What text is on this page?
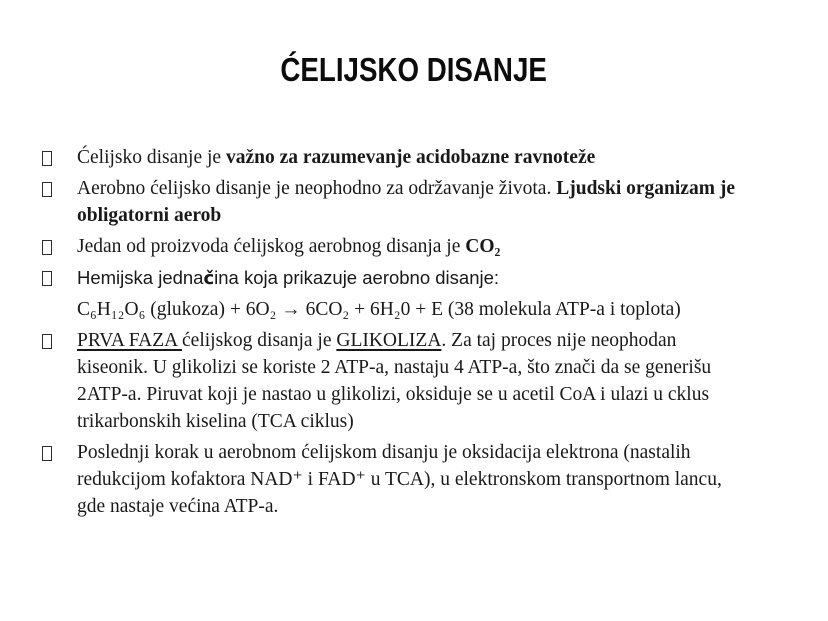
ĆELIJSKO DISANJE
Ćelijsko disanje je važno za razumevanje acidobazne ravnoteže
Aerobno ćelijsko disanje je neophodno za održavanje života. Ljudski organizam je
obligatorni aerob
Jedan od proizvoda ćelijskog aerobnog disanja je CO₂
Hemijska jednačina koja prikazuje aerobno disanje:
C₆H₁₂O₆ (glukoza) + 6O₂ → 6CO₂ + 6H₂0 + E (38 molekula ATP-a i toplota)
PRVA FAZA ćelijskog disanja je GLIKOLIZA. Za taj proces nije neophodan
kiseonik. U glikolizi se koriste 2 ATP-a, nastaju 4 ATP-a, što znači da se generišu
2ATP-a. Piruvat koji je nastao u glikolizi, oksiduje se u acetil CoA i ulazi u cklus
trikarbonskih kiselina (TCA ciklus)
Poslednji korak u aerobnom ćelijskom disanju je oksidacija elektrona (nastalih
redukcijom kofaktora NAD⁺ i FAD⁺ u TCA), u elektronskom transportnom lancu,
gde nastaje većina ATP-a.
